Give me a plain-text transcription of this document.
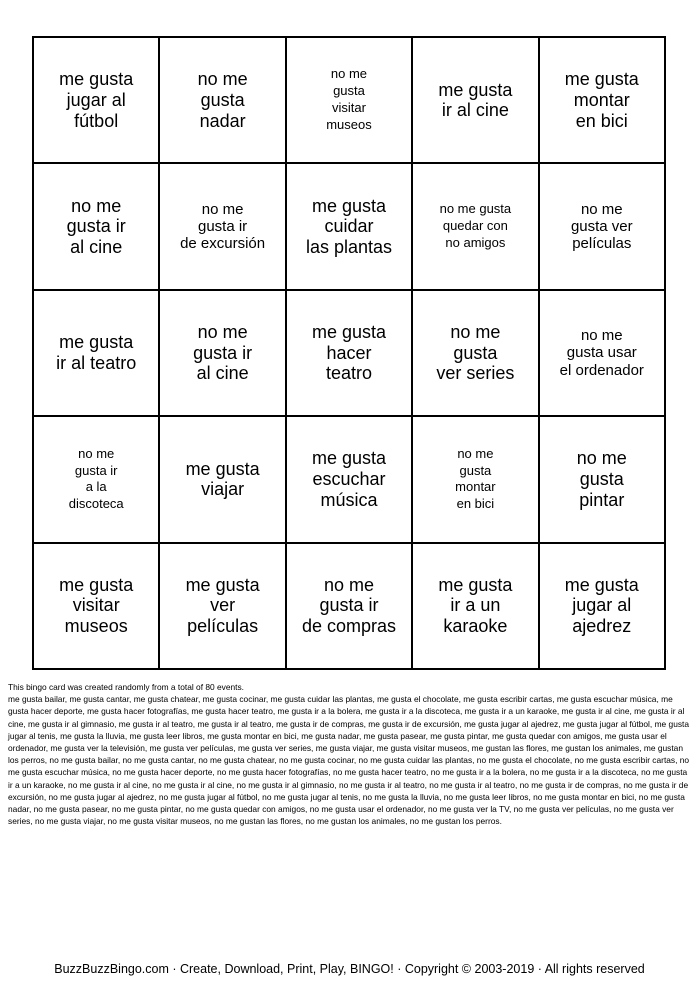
me gusta
jugar al
fútbol
no me
gusta
nadar
no me
gusta
visitar
museos
me gusta
ir al cine
me gusta
montar
en bici
no me
gusta ir
al cine
no me
gusta ir
de excursión
me gusta
cuidar
las plantas
no me gusta
quedar con
no amigos
no me
gusta ver
películas
me gusta
ir al teatro
no me
gusta ir
al cine
me gusta
hacer
teatro
no me
gusta
ver series
no me
gusta usar
el ordenador
no me
gusta ir
a la
discoteca
me gusta
viajar
me gusta
escuchar
música
no me
gusta
montar
en bici
no me
gusta
pintar
me gusta
visitar
museos
me gusta
ver
películas
no me
gusta ir
de compras
me gusta
ir a un
karaoke
me gusta
jugar al
ajedrez
This bingo card was created randomly from a total of 80 events.
me gusta bailar, me gusta cantar, me gusta chatear, me gusta cocinar, me gusta cuidar las plantas, me gusta el chocolate, me gusta escribir cartas, me gusta escuchar música, me gusta hacer deporte, me gusta hacer fotografías, me gusta hacer teatro, me gusta ir a la bolera, me gusta ir a la discoteca, me gusta ir a un karaoke, me gusta ir al cine, me gusta ir al cine, me gusta ir al gimnasio, me gusta ir al teatro, me gusta ir al teatro, me gusta ir de compras, me gusta ir de excursión, me gusta jugar al ajedrez, me gusta jugar al fútbol, me gusta jugar al tenis, me gusta la lluvia, me gusta leer libros, me gusta montar en bici, me gusta nadar, me gusta pasear, me gusta pintar, me gusta quedar con amigos, me gusta usar el ordenador, me gusta ver la televisión, me gusta ver películas, me gusta ver series, me gusta viajar, me gusta visitar museos, me gustan las flores, me gustan los animales, me gustan los perros, no me gusta bailar, no me gusta cantar, no me gusta chatear, no me gusta cocinar, no me gusta cuidar las plantas, no me gusta el chocolate, no me gusta escribir cartas, no me gusta escuchar música, no me gusta hacer deporte, no me gusta hacer fotografías, no me gusta hacer teatro, no me gusta ir a la bolera, no me gusta ir a la discoteca, no me gusta ir a un karaoke, no me gusta ir al cine, no me gusta ir al cine, no me gusta ir al gimnasio, no me gusta ir al teatro, no me gusta ir al teatro, no me gusta ir de compras, no me gusta ir de excursión, no me gusta jugar al ajedrez, no me gusta jugar al fútbol, no me gusta jugar al tenis, no me gusta la lluvia, no me gusta leer libros, no me gusta montar en bici, no me gusta nadar, no me gusta pasear, no me gusta pintar, no me gusta quedar con amigos, no me gusta usar el ordenador, no me gusta ver la TV, no me gusta ver películas, no me gusta ver series, no me gusta viajar, no me gusta visitar museos, no me gustan las flores, no me gustan los animales, no me gustan los perros.
BuzzBuzzBingo.com · Create, Download, Print, Play, BINGO! · Copyright © 2003-2019 · All rights reserved
